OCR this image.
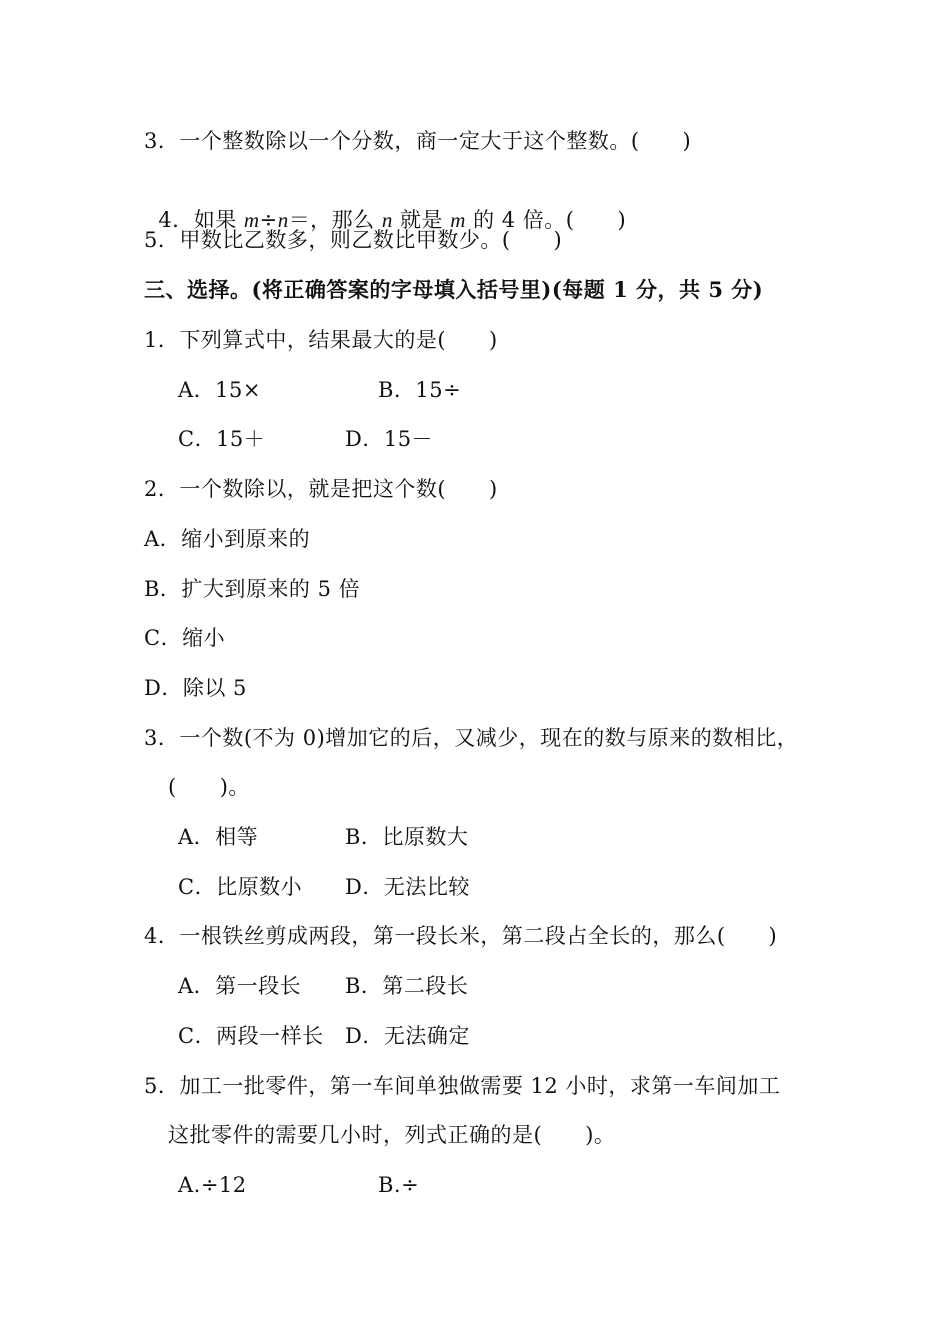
3．一个整数除以一个分数，商一定大于这个整数。(　　)

4．如果 m÷n＝，那么 n 就是 m 的 4 倍。(　　)

5．甲数比乙数多，则乙数比甲数少。(　　)
三、选择。(将正确答案的字母填入括号里)(每题 1 分，共 5 分)
1．下列算式中，结果最大的是(　　)
A．15×	B．15÷
C．15＋	D．15－
2．一个数除以，就是把这个数(　　)
A．缩小到原来的
B．扩大到原来的 5 倍
C．缩小
D．除以 5
3．一个数(不为 0)增加它的后，又减少，现在的数与原来的数相比，
(　　)。
A．相等	B．比原数大
C．比原数小 D．无法比较
4．一根铁丝剪成两段，第一段长米，第二段占全长的，那么(　　)
A．第一段长 B．第二段长
C．两段一样长 D．无法确定
5．加工一批零件，第一车间单独做需要 12 小时，求第一车间加工
这批零件的需要几小时，列式正确的是(　　)。
A.÷12	B.÷
